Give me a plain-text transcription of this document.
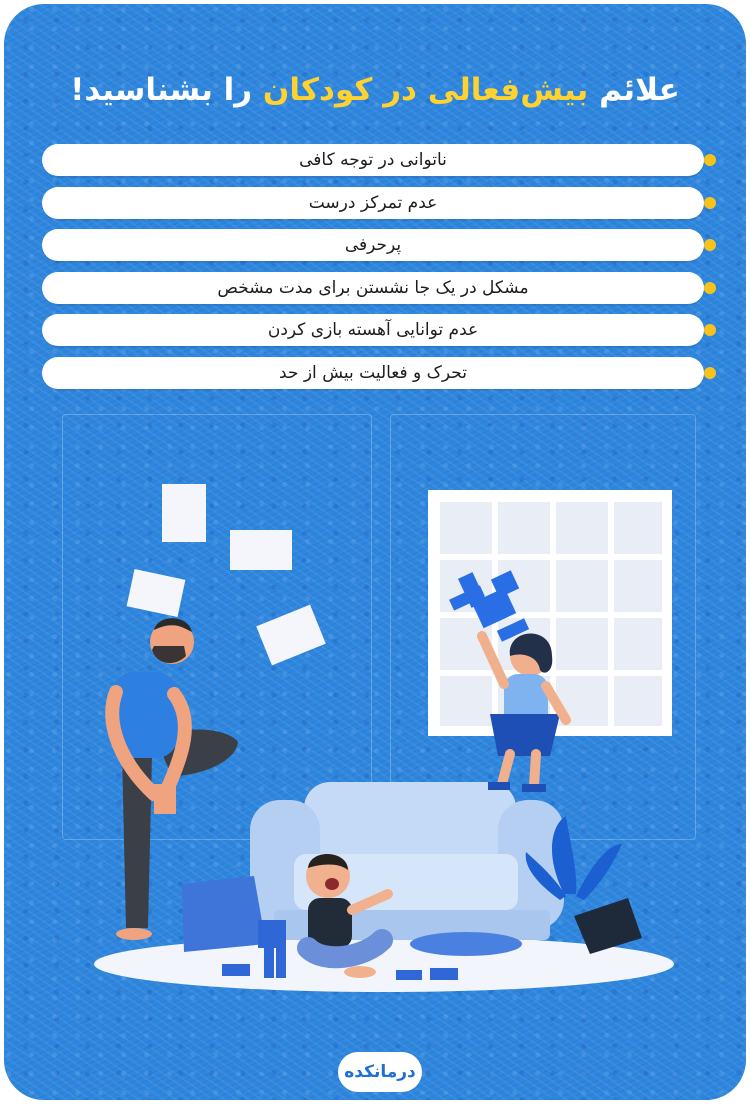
علائم بیش‌فعالی در کودکان را بشناسید!
ناتوانی در توجه کافی
عدم تمرکز درست
پرحرفی
مشکل در یک جا نشستن برای مدت مشخص
عدم توانایی آهسته بازی کردن
تحرک و فعالیت بیش از حد
درمانکده
